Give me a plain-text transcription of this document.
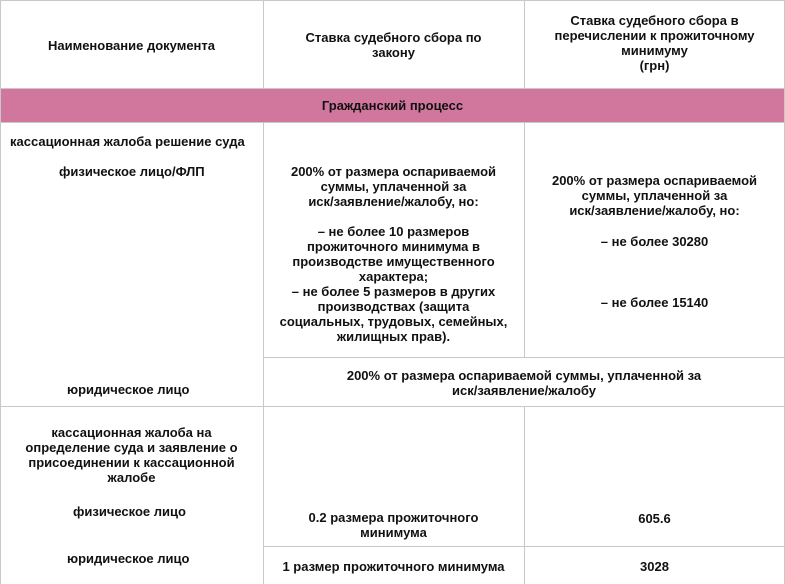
Наименование документа
Ставка судебного сбора по
закону
Ставка судебного сбора в
перечислении к прожиточному
минимуму
(грн)
Гражданский процесс
кассационная жалоба решение суда
физическое лицо/ФЛП
юридическое лицо
200% от размера оспариваемой
суммы, уплаченной за
иск/заявление/жалобу, но:
– не более 10 размеров
прожиточного минимума в
производстве имущественного
характера;
– не более 5 размеров в других
производствах (защита
социальных, трудовых, семейных,
жилищных прав).
200% от размера оспариваемой
суммы, уплаченной за
иск/заявление/жалобу, но:
– не более 30280
– не более 15140
200% от размера оспариваемой суммы, уплаченной за
иск/заявление/жалобу
кассационная жалоба на
определение суда и заявление о
присоединении к кассационной
жалобе
физическое лицо
юридическое лицо
0.2 размера прожиточного
минимума
1 размер прожиточного минимума
605.6
3028
